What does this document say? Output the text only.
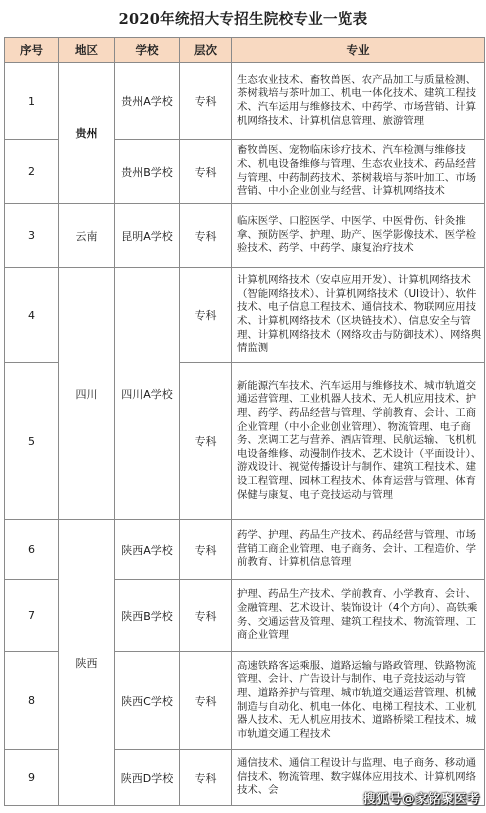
2020年统招大专招生院校专业一览表
序号	地区	学校	层次	专业
1	贵州	贵州A学校	专科	生态农业技术、畜牧兽医、农产品加工与质量检测、茶树栽培与茶叶加工、机电一体化技术、建筑工程技术、汽车运用与维修技术、中药学、市场营销、计算机网络技术、计算机信息管理、旅游管理
2		贵州B学校	专科	畜牧兽医、宠物临床诊疗技术、汽车检测与维修技术、机电设备维修与管理、生态农业技术、药品经营与管理、中药制药技术、茶树栽培与茶叶加工、市场营销、中小企业创业与经营、计算机网络技术
3	云南	昆明A学校	专科	临床医学、口腔医学、中医学、中医骨伤、针灸推拿、预防医学、护理、助产、医学影像技术、医学检验技术、药学、中药学、康复治疗技术
4	四川	四川A学校	专科	计算机网络技术（安卓应用开发）、计算机网络技术（智能网络技术）、计算机网络技术（UI设计）、软件技术、电子信息工程技术、通信技术、物联网应用技术、计算机网络技术（区块链技术）、信息安全与管理、计算机网络技术（网络攻击与防御技术）、网络舆情监测
5			专科	新能源汽车技术、汽车运用与维修技术、城市轨道交通运营管理、工业机器人技术、无人机应用技术、护理、药学、药品经营与管理、学前教育、会计、工商企业管理（中小企业创业管理）、物流管理、电子商务、烹调工艺与营养、酒店管理、民航运输、飞机机电设备维修、动漫制作技术、艺术设计（平面设计）、游戏设计、视觉传播设计与制作、建筑工程技术、建设工程管理、园林工程技术、体育运营与管理、体育保健与康复、电子竞技运动与管理
6	陕西	陕西A学校	专科	药学、护理、药品生产技术、药品经营与管理、市场营销工商企业管理、电子商务、会计、工程造价、学前教育、计算机信息管理
7		陕西B学校	专科	护理、药品生产技术、学前教育、小学教育、会计、金融管理、艺术设计、装饰设计（4个方向）、高铁乘务、交通运营及管理、建筑工程技术、物流管理、工商企业管理
8		陕西C学校	专科	高速铁路客运乘服、道路运输与路政管理、铁路物流管理、会计、广告设计与制作、电子竞技运动与管理、道路养护与管理、城市轨道交通运营管理、机械制造与自动化、机电一体化、电梯工程技术、工业机器人技术、无人机应用技术、道路桥梁工程技术、城市轨道交通工程技术
9		陕西D学校	专科	通信技术、通信工程设计与监理、电子商务、移动通信技术、物流管理、数字媒体应用技术、计算机网络技术、会
搜狐号@家铭聚医考
